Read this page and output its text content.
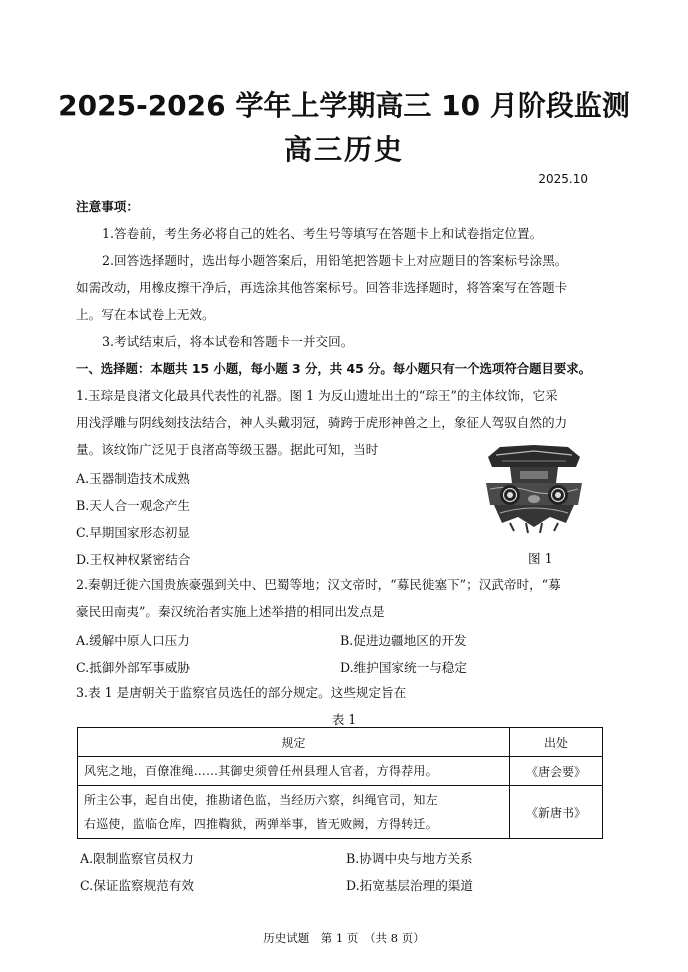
2025-2026 学年上学期高三 10 月阶段监测
高三历史
2025.10
注意事项：
1.答卷前，考生务必将自己的姓名、考生号等填写在答题卡上和试卷指定位置。
2.回答选择题时，选出每小题答案后，用铅笔把答题卡上对应题目的答案标号涂黑。
如需改动，用橡皮擦干净后，再选涂其他答案标号。回答非选择题时，将答案写在答题卡
上。写在本试卷上无效。
3.考试结束后，将本试卷和答题卡一并交回。
一、选择题：本题共 15 小题，每小题 3 分，共 45 分。每小题只有一个选项符合题目要求。
1.玉琮是良渚文化最具代表性的礼器。图 1 为反山遗址出土的“琮王”的主体纹饰，它采
用浅浮雕与阴线刻技法结合，神人头戴羽冠，骑跨于虎形神兽之上，象征人驾驭自然的力
量。该纹饰广泛见于良渚高等级玉器。据此可知，当时
A.玉器制造技术成熟
B.天人合一观念产生
C.早期国家形态初显
D.王权神权紧密结合	图 1
2.秦朝迁徙六国贵族豪强到关中、巴蜀等地；汉文帝时，“募民徙塞下”；汉武帝时，“募
豪民田南夷”。秦汉统治者实施上述举措的相同出发点是
A.缓解中原人口压力	B.促进边疆地区的开发
C.抵御外部军事威胁	D.维护国家统一与稳定
3.表 1 是唐朝关于监察官员选任的部分规定。这些规定旨在
表 1
规定	出处
风宪之地，百僚准绳……其御史须曾任州县理人官者，方得荐用。	《唐会要》

所主公事，起自出使，推勘诸色监，当经历六察，纠绳官司，知左
右巡使，监临仓库，四推鞫狱，两弹举事，皆无败阙，方得转迁。	《新唐书》
A.限制监察官员权力	B.协调中央与地方关系
C.保证监察规范有效	D.拓宽基层治理的渠道
历史试题　第 1 页　（共 8 页）
